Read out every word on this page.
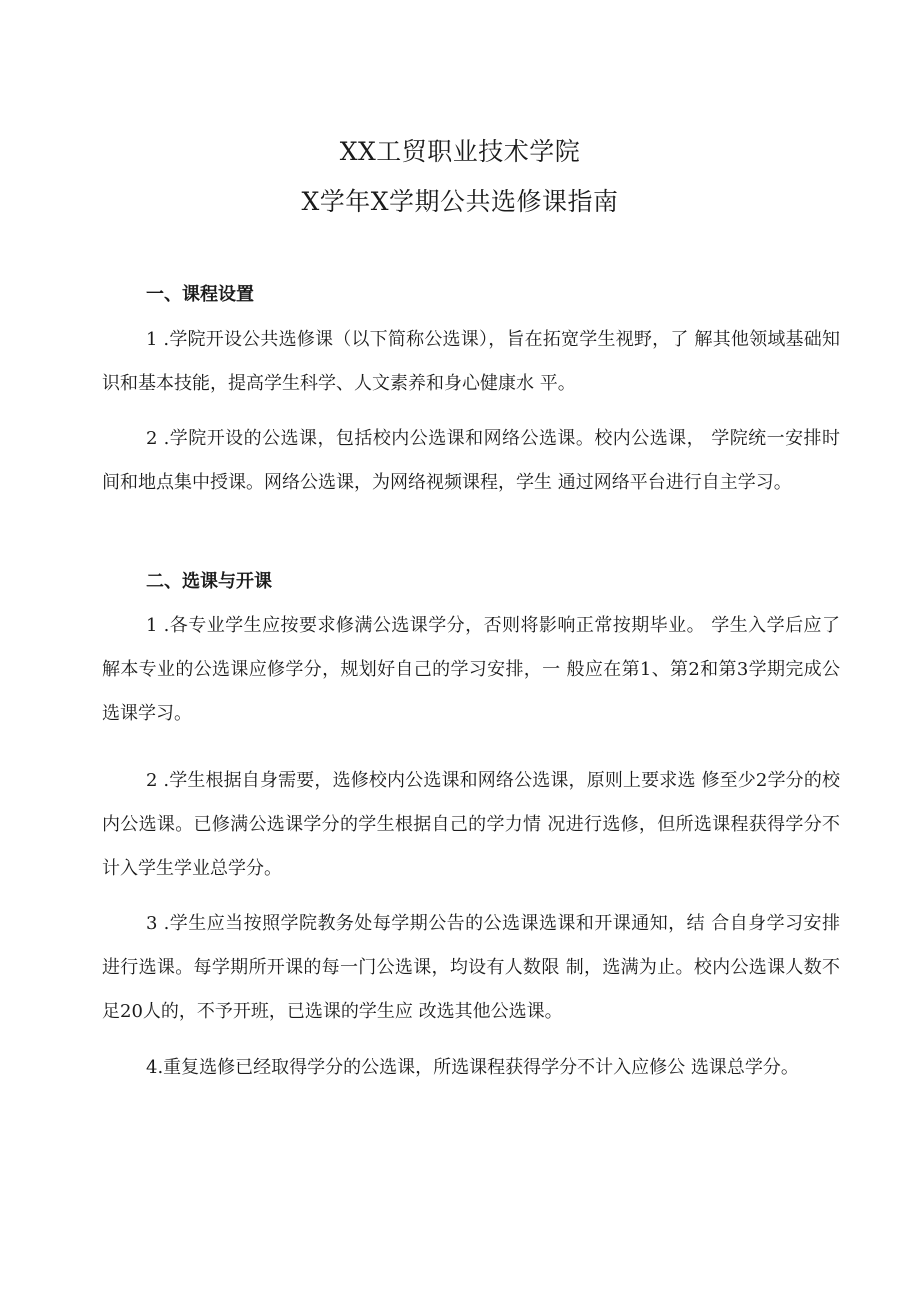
XX工贸职业技术学院
X学年X学期公共选修课指南
一、课程设置
1 .学院开设公共选修课（以下简称公选课），旨在拓宽学生视野，了 解其他领域基础知识和基本技能，提高学生科学、人文素养和身心健康水 平。
2 .学院开设的公选课，包括校内公选课和网络公选课。校内公选课， 学院统一安排时间和地点集中授课。网络公选课，为网络视频课程，学生 通过网络平台进行自主学习。
二、选课与开课
1 .各专业学生应按要求修满公选课学分，否则将影响正常按期毕业。 学生入学后应了解本专业的公选课应修学分，规划好自己的学习安排，一 般应在第1、第2和第3学期完成公选课学习。
2 .学生根据自身需要，选修校内公选课和网络公选课，原则上要求选 修至少2学分的校内公选课。已修满公选课学分的学生根据自己的学力情 况进行选修，但所选课程获得学分不计入学生学业总学分。
3 .学生应当按照学院教务处每学期公告的公选课选课和开课通知，结 合自身学习安排进行选课。每学期所开课的每一门公选课，均设有人数限 制，选满为止。校内公选课人数不足20人的，不予开班，已选课的学生应 改选其他公选课。
4.重复选修已经取得学分的公选课，所选课程获得学分不计入应修公 选课总学分。
